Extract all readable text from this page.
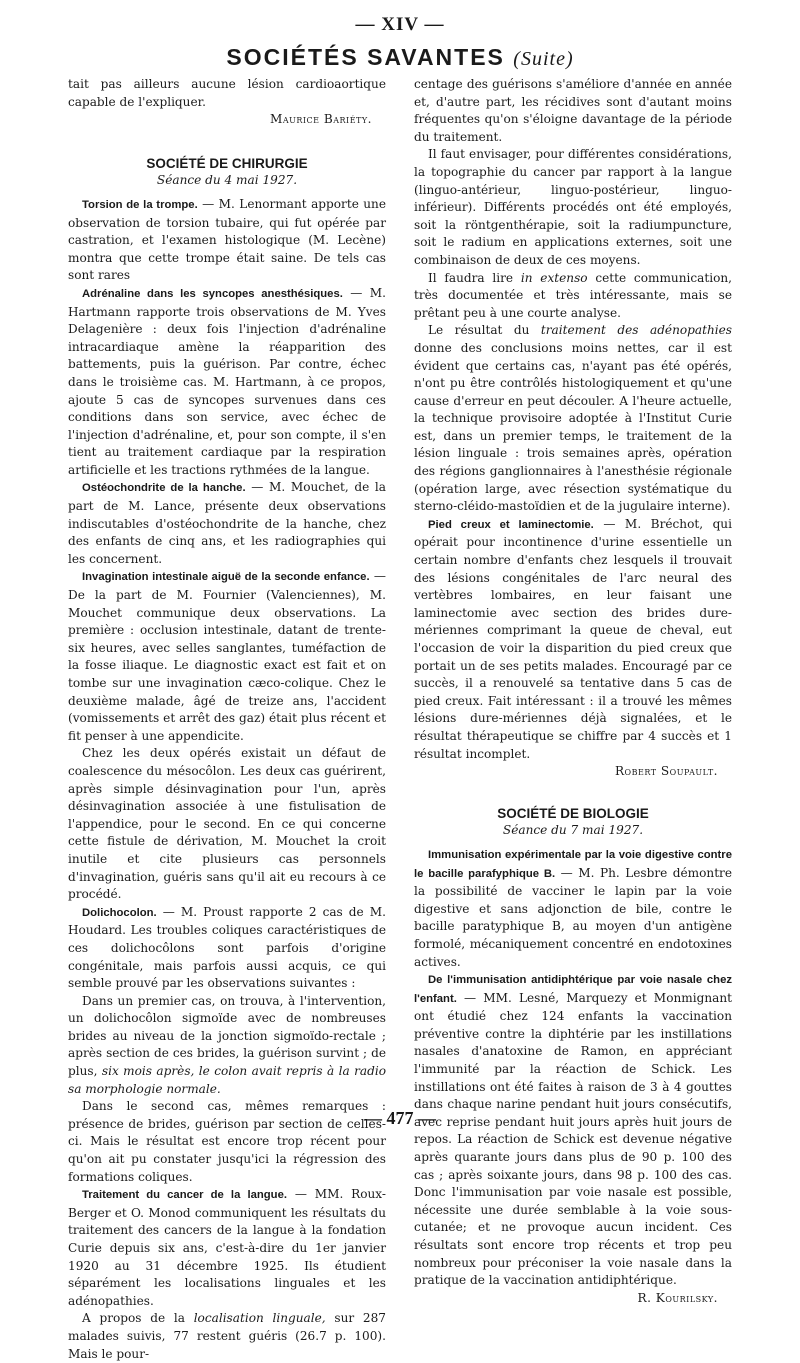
— XIV —
SOCIÉTÉS SAVANTES (Suite)

tait pas ailleurs aucune lésion cardioaortique capable de l'expliquer.

Maurice Bariéty.

SOCIÉTÉ DE CHIRURGIE

Séance du 4 mai 1927.

Torsion de la trompe. — M. Lenormant apporte une observation de torsion tubaire, qui fut opérée par castration, et l'examen histologique (M. Lecène) montra que cette trompe était saine. De tels cas sont rares

Adrénaline dans les syncopes anesthésiques. — M. Hartmann rapporte trois observations de M. Yves Delagenière : deux fois l'injection d'adrénaline intracardiaque amène la réapparition des battements, puis la guérison. Par contre, échec dans le troisième cas. M. Hartmann, à ce propos, ajoute 5 cas de syncopes survenues dans ces conditions dans son service, avec échec de l'injection d'adrénaline, et, pour son compte, il s'en tient au traitement cardiaque par la respiration artificielle et les tractions rythmées de la langue.

Ostéochondrite de la hanche. — M. Mouchet, de la part de M. Lance, présente deux observations indiscutables d'ostéochondrite de la hanche, chez des enfants de cinq ans, et les radiographies qui les concernent.

Invagination intestinale aiguë de la seconde enfance. — De la part de M. Fournier (Valenciennes), M. Mouchet communique deux observations. La première : occlusion intestinale, datant de trente-six heures, avec selles sanglantes, tuméfaction de la fosse iliaque. Le diagnostic exact est fait et on tombe sur une invagination cæco-colique. Chez le deuxième malade, âgé de treize ans, l'accident (vomissements et arrêt des gaz) était plus récent et fit penser à une appendicite.

Chez les deux opérés existait un défaut de coalescence du mésocôlon. Les deux cas guérirent, après simple désinvagination pour l'un, après désinvagination associée à une fistulisation de l'appendice, pour le second. En ce qui concerne cette fistule de dérivation, M. Mouchet la croit inutile et cite plusieurs cas personnels d'invagination, guéris sans qu'il ait eu recours à ce procédé.

Dolichocolon. — M. Proust rapporte 2 cas de M. Houdard. Les troubles coliques caractéristiques de ces dolichocôlons sont parfois d'origine congénitale, mais parfois aussi acquis, ce qui semble prouvé par les observations suivantes :

Dans un premier cas, on trouva, à l'intervention, un dolichocôlon sigmoïde avec de nombreuses brides au niveau de la jonction sigmoïdo-rectale ; après section de ces brides, la guérison survint ; de plus, six mois après, le colon avait repris à la radio sa morphologie normale.

Dans le second cas, mêmes remarques : présence de brides, guérison par section de celles-ci. Mais le résultat est encore trop récent pour qu'on ait pu constater jusqu'ici la régression des formations coliques.

Traitement du cancer de la langue. — MM. Roux-Berger et O. Monod communiquent les résultats du traitement des cancers de la langue à la fondation Curie depuis six ans, c'est-à-dire du 1er janvier 1920 au 31 décembre 1925. Ils étudient séparément les localisations linguales et les adénopathies.

A propos de la localisation linguale, sur 287 malades suivis, 77 restent guéris (26.7 p. 100). Mais le pour-

centage des guérisons s'améliore d'année en année et, d'autre part, les récidives sont d'autant moins fréquentes qu'on s'éloigne davantage de la période du traitement.

Il faut envisager, pour différentes considérations, la topographie du cancer par rapport à la langue (linguo-antérieur, linguo-postérieur, linguo-inférieur). Différents procédés ont été employés, soit la röntgenthérapie, soit la radiumpuncture, soit le radium en applications externes, soit une combinaison de deux de ces moyens.

Il faudra lire in extenso cette communication, très documentée et très intéressante, mais se prêtant peu à une courte analyse.

Le résultat du traitement des adénopathies donne des conclusions moins nettes, car il est évident que certains cas, n'ayant pas été opérés, n'ont pu être contrôlés histologiquement et qu'une cause d'erreur en peut découler. A l'heure actuelle, la technique provisoire adoptée à l'Institut Curie est, dans un premier temps, le traitement de la lésion linguale : trois semaines après, opération des régions ganglionnaires à l'anesthésie régionale (opération large, avec résection systématique du sterno-cléido-mastoïdien et de la jugulaire interne).

Pied creux et laminectomie. — M. Bréchot, qui opérait pour incontinence d'urine essentielle un certain nombre d'enfants chez lesquels il trouvait des lésions congénitales de l'arc neural des vertèbres lombaires, en leur faisant une laminectomie avec section des brides dure-mériennes comprimant la queue de cheval, eut l'occasion de voir la disparition du pied creux que portait un de ses petits malades. Encouragé par ce succès, il a renouvelé sa tentative dans 5 cas de pied creux. Fait intéressant : il a trouvé les mêmes lésions dure-mériennes déjà signalées, et le résultat thérapeutique se chiffre par 4 succès et 1 résultat incomplet.

Robert Soupault.

SOCIÉTÉ DE BIOLOGIE

Séance du 7 mai 1927.

Immunisation expérimentale par la voie digestive contre le bacille parafyphique B. — M. Ph. Lesbre démontre la possibilité de vacciner le lapin par la voie digestive et sans adjonction de bile, contre le bacille paratyphique B, au moyen d'un antigène formolé, mécaniquement concentré en endotoxines actives.

De l'immunisation antidiphtérique par voie nasale chez l'enfant. — MM. Lesné, Marquezy et Monmignant ont étudié chez 124 enfants la vaccination préventive contre la diphtérie par les instillations nasales d'anatoxine de Ramon, en appréciant l'immunité par la réaction de Schick. Les instillations ont été faites à raison de 3 à 4 gouttes dans chaque narine pendant huit jours consécutifs, avec reprise pendant huit jours après huit jours de repos. La réaction de Schick est devenue négative après quarante jours dans plus de 90 p. 100 des cas ; après soixante jours, dans 98 p. 100 des cas. Donc l'immunisation par voie nasale est possible, nécessite une durée semblable à la voie sous-cutanée; et ne provoque aucun incident. Ces résultats sont encore trop récents et trop peu nombreux pour préconiser la voie nasale dans la pratique de la vaccination antidiphtérique.

R. Kourilsky.

— 477 —
